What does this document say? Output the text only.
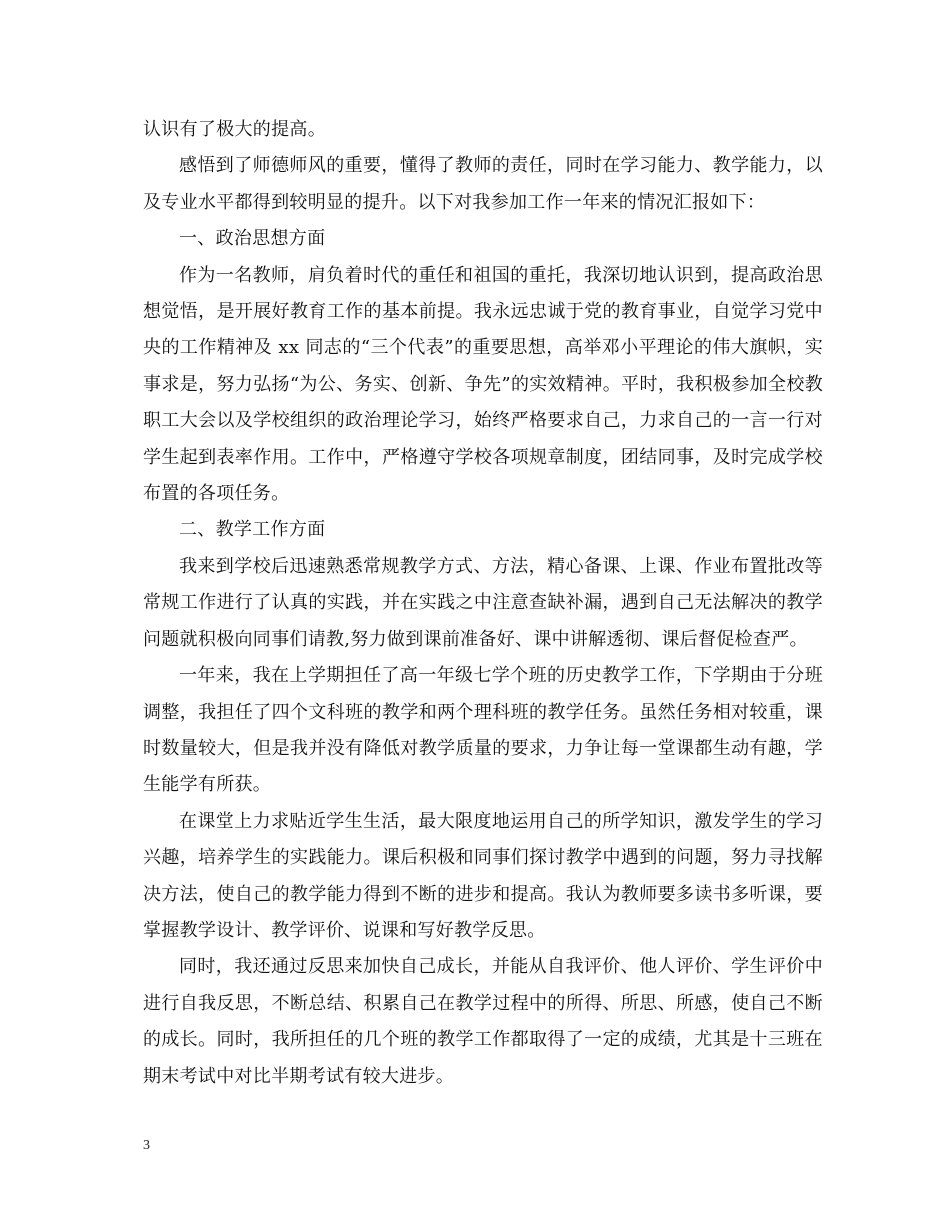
认识有了极大的提高。

感悟到了师德师风的重要，懂得了教师的责任，同时在学习能力、教学能力，以及专业水平都得到较明显的提升。以下对我参加工作一年来的情况汇报如下：

一、政治思想方面

作为一名教师，肩负着时代的重任和祖国的重托，我深切地认识到，提高政治思想觉悟，是开展好教育工作的基本前提。我永远忠诚于党的教育事业，自觉学习党中央的工作精神及 xx 同志的“三个代表”的重要思想，高举邓小平理论的伟大旗帜，实事求是，努力弘扬“为公、务实、创新、争先”的实效精神。平时，我积极参加全校教职工大会以及学校组织的政治理论学习，始终严格要求自己，力求自己的一言一行对学生起到表率作用。工作中，严格遵守学校各项规章制度，团结同事，及时完成学校布置的各项任务。

二、教学工作方面

我来到学校后迅速熟悉常规教学方式、方法，精心备课、上课、作业布置批改等常规工作进行了认真的实践，并在实践之中注意查缺补漏，遇到自己无法解决的教学问题就积极向同事们请教,努力做到课前准备好、课中讲解透彻、课后督促检查严。

一年来，我在上学期担任了高一年级七学个班的历史教学工作，下学期由于分班调整，我担任了四个文科班的教学和两个理科班的教学任务。虽然任务相对较重，课时数量较大，但是我并没有降低对教学质量的要求，力争让每一堂课都生动有趣，学生能学有所获。

在课堂上力求贴近学生生活，最大限度地运用自己的所学知识，激发学生的学习兴趣，培养学生的实践能力。课后积极和同事们探讨教学中遇到的问题，努力寻找解决方法，使自己的教学能力得到不断的进步和提高。我认为教师要多读书多听课，要掌握教学设计、教学评价、说课和写好教学反思。

同时，我还通过反思来加快自己成长，并能从自我评价、他人评价、学生评价中进行自我反思，不断总结、积累自己在教学过程中的所得、所思、所感，使自己不断的成长。同时，我所担任的几个班的教学工作都取得了一定的成绩，尤其是十三班在期末考试中对比半期考试有较大进步。

3
